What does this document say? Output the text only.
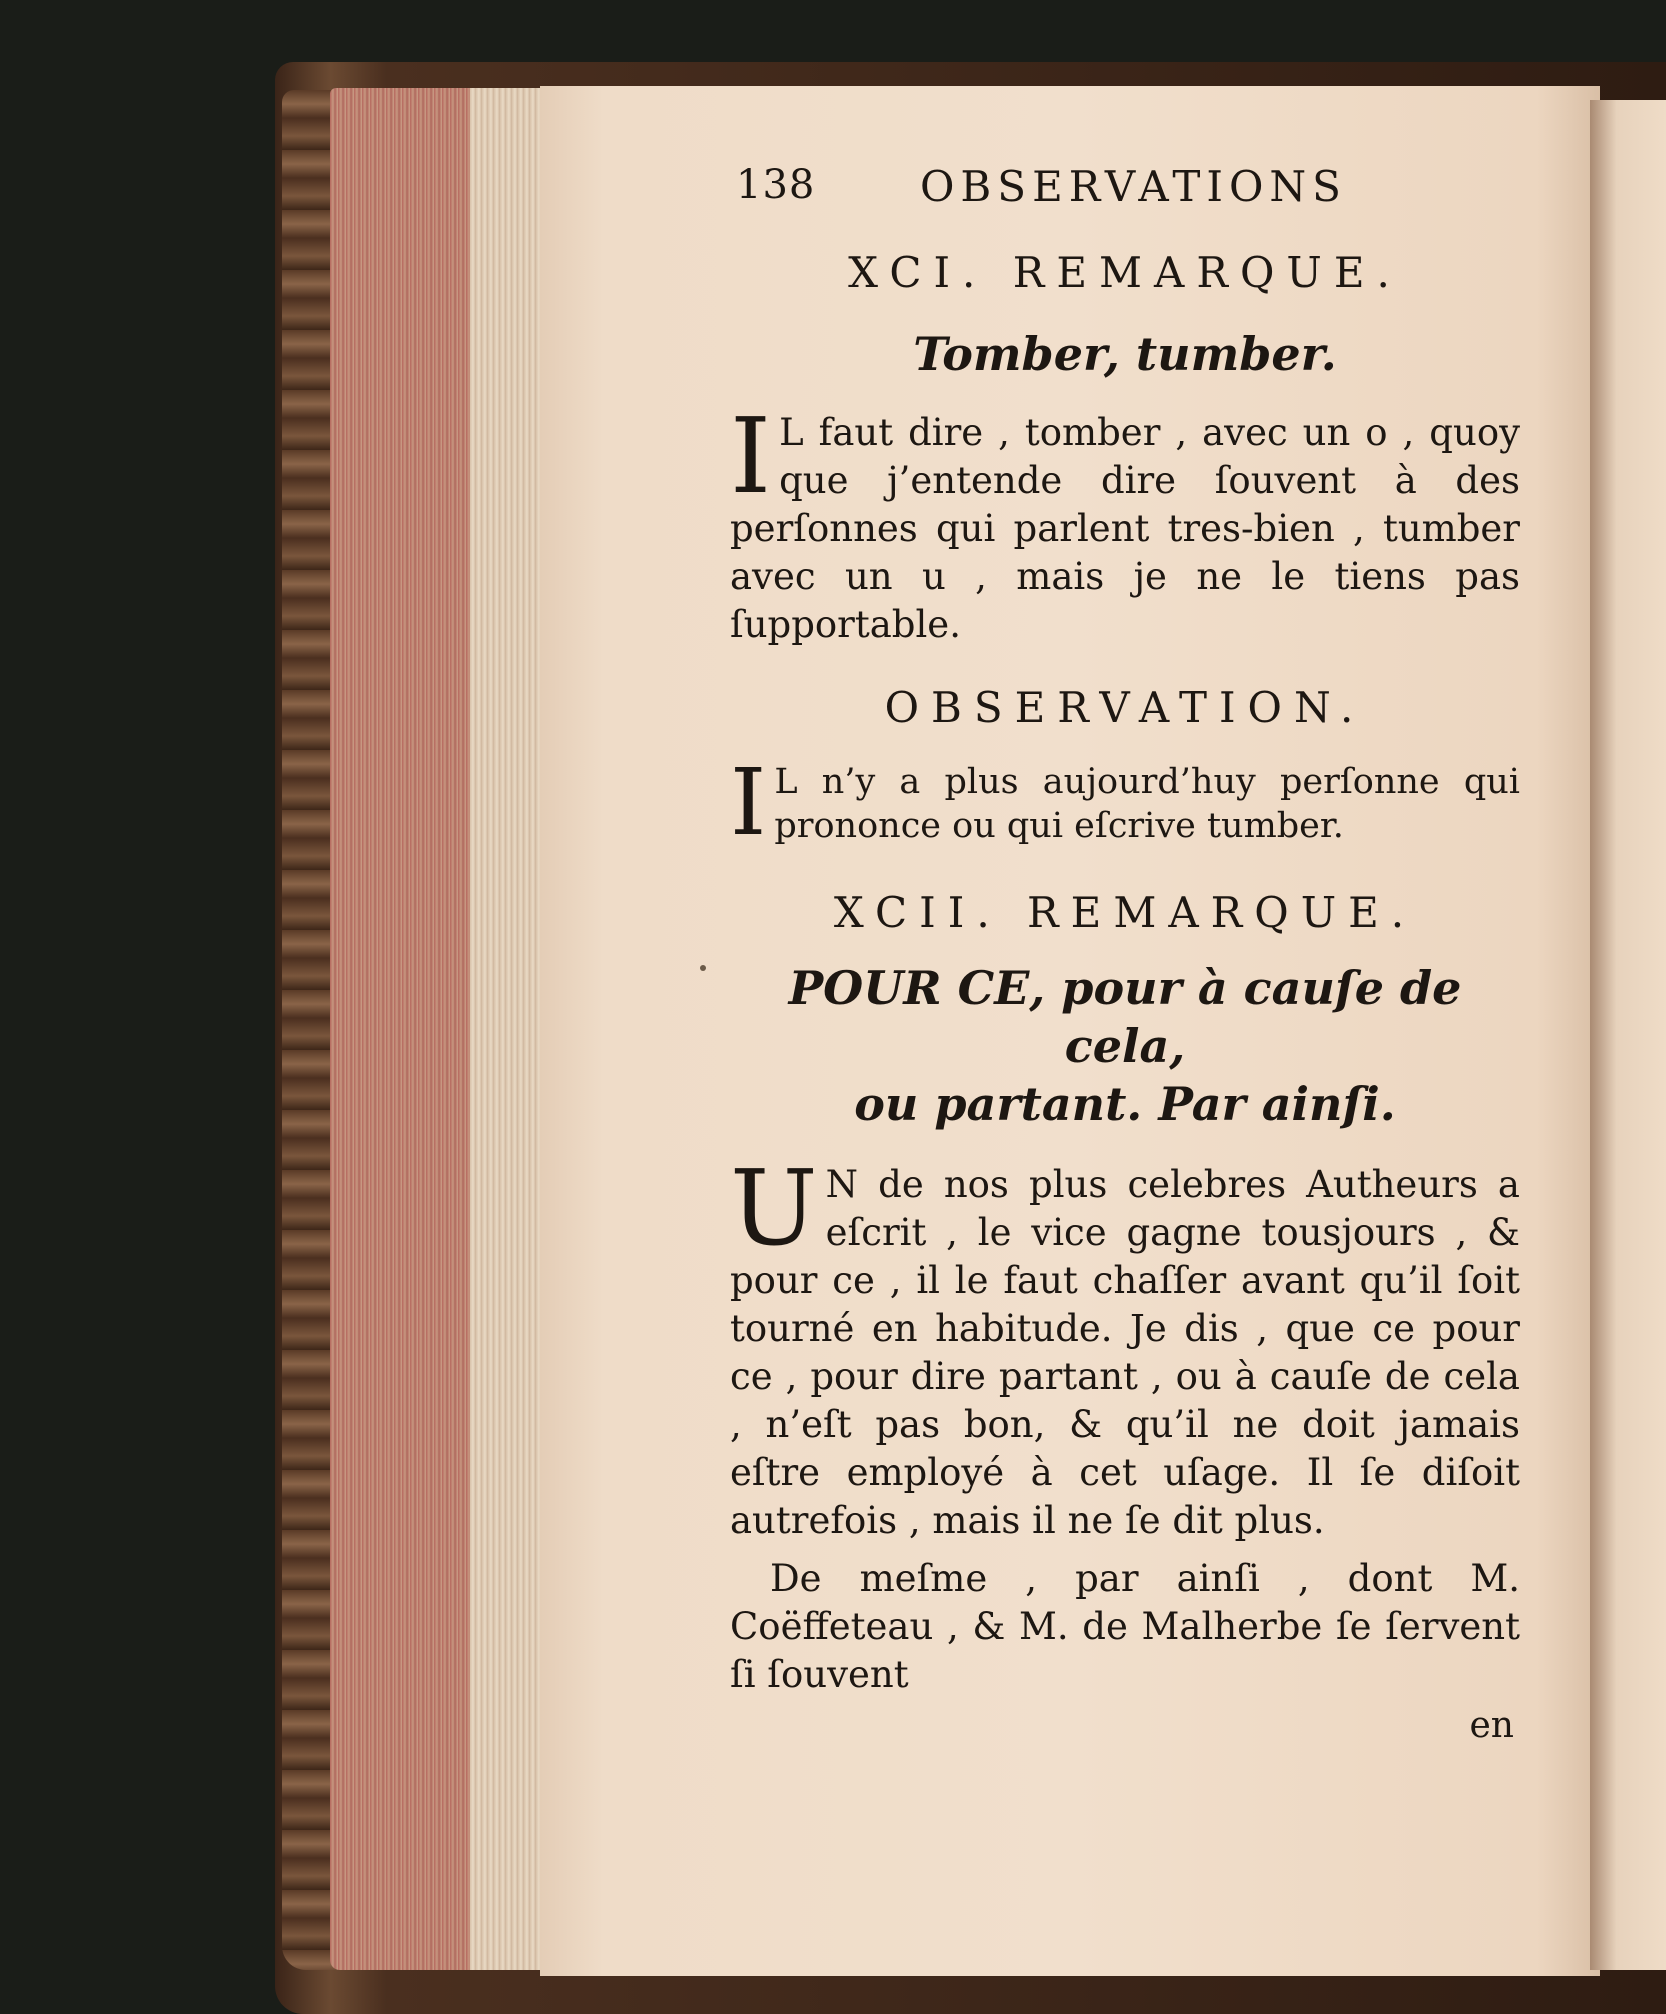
138 OBSERVATIONS
XCI. REMARQUE.
Tomber, tumber.
I L faut dire , tomber , avec un o , quoy que j’entende dire ſouvent à des perſonnes qui parlent tres-bien , tumber avec un u , mais je ne le tiens pas ſupportable.
OBSERVATION.
I L n’y a plus aujourd’huy perſonne qui prononce ou qui eſcrive tumber.
XCII. REMARQUE.
POUR CE, pour à cauſe de cela,
ou partant. Par ainſi.
U N de nos plus celebres Autheurs a eſcrit , le vice gagne tousjours , & pour ce , il le faut chaſſer avant qu’il ſoit tourné en habitude. Je dis , que ce pour ce , pour dire partant , ou à cauſe de cela , n’eſt pas bon, & qu’il ne doit jamais eſtre employé à cet uſage. Il ſe diſoit autrefois , mais il ne ſe dit plus.
De meſme , par ainſi , dont M. Coëffeteau , & M. de Malherbe ſe ſervent ſi ſouvent
en
